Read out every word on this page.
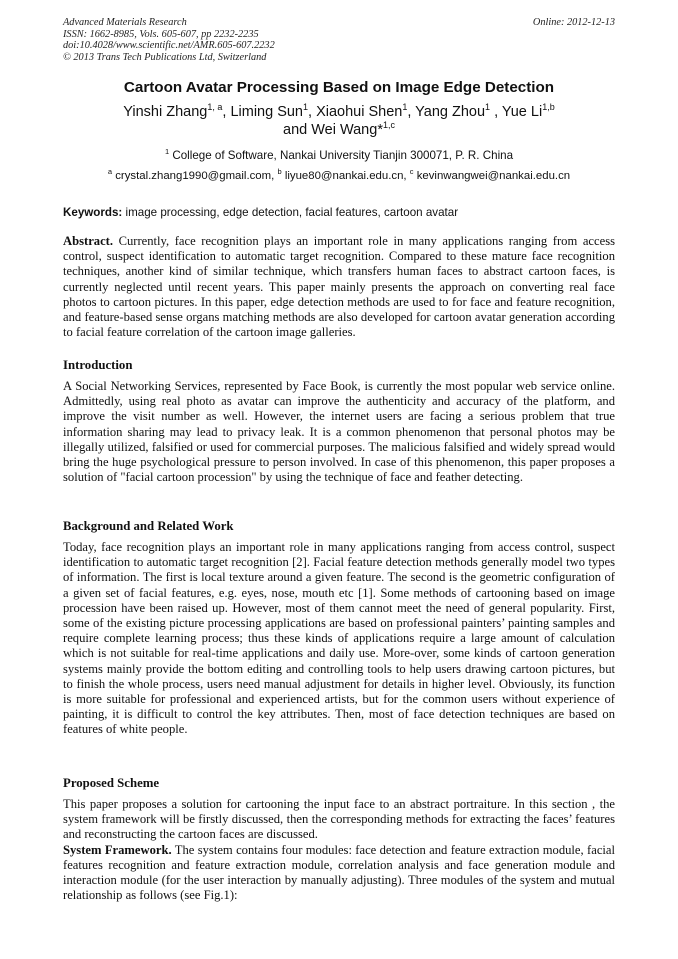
Advanced Materials Research
ISSN: 1662-8985, Vols. 605-607, pp 2232-2235
doi:10.4028/www.scientific.net/AMR.605-607.2232
© 2013 Trans Tech Publications Ltd, Switzerland
Online: 2012-12-13
Cartoon Avatar Processing Based on Image Edge Detection
Yinshi Zhang$^{1, a}$, Liming Sun$^1$, Xiaohui Shen$^1$, Yang Zhou$^1$ , Yue Li$^{1,b}$
and Wei Wang*$^{1,c}$
$^1$ College of Software, Nankai University Tianjin 300071, P. R. China
$^a$ crystal.zhang1990@gmail.com, $^b$ liyue80@nankai.edu.cn, $^c$ kevinwangwei@nankai.edu.cn
Keywords: image processing, edge detection, facial features, cartoon avatar
Abstract. Currently, face recognition plays an important role in many applications ranging from access control, suspect identification to automatic target recognition. Compared to these mature face recognition techniques, another kind of similar technique, which transfers human faces to abstract cartoon faces, is currently neglected until recent years. This paper mainly presents the approach on converting real face photos to cartoon pictures. In this paper, edge detection methods are used to for face and feature recognition, and feature-based sense organs matching methods are also developed for cartoon avatar generation according to facial feature correlation of the cartoon image galleries.
Introduction
A Social Networking Services, represented by Face Book, is currently the most popular web service online. Admittedly, using real photo as avatar can improve the authenticity and accuracy of the platform, and improve the visit number as well. However, the internet users are facing a serious problem that true information sharing may lead to privacy leak. It is a common phenomenon that personal photos may be illegally utilized, falsified or used for commercial purposes. The malicious falsified and widely spread would bring the huge psychological pressure to person involved. In case of this phenomenon, this paper proposes a solution of "facial cartoon procession" by using the technique of face and feather detecting.
Background and Related Work
Today, face recognition plays an important role in many applications ranging from access control, suspect identification to automatic target recognition [2]. Facial feature detection methods generally model two types of information. The first is local texture around a given feature. The second is the geometric configuration of a given set of facial features, e.g. eyes, nose, mouth etc [1]. Some methods of cartooning based on image procession have been raised up. However, most of them cannot meet the need of general popularity. First, some of the existing picture processing applications are based on professional painters’ painting samples and require complete learning process; thus these kinds of applications require a large amount of calculation which is not suitable for real-time applications and daily use. More-over, some kinds of cartoon generation systems mainly provide the bottom editing and controlling tools to help users drawing cartoon pictures, but to finish the whole process, users need manual adjustment for details in higher level. Obviously, its function is more suitable for professional and experienced artists, but for the common users without experience of painting, it is difficult to control the key attributes. Then, most of face detection techniques are based on features of white people.
Proposed Scheme
This paper proposes a solution for cartooning the input face to an abstract portraiture. In this section , the system framework will be firstly discussed, then the corresponding methods for extracting the faces’ features and reconstructing the cartoon faces are discussed.
System Framework. The system contains four modules: face detection and feature extraction module, facial features recognition and feature extraction module, correlation analysis and face generation module and interaction module (for the user interaction by manually adjusting). Three modules of the system and mutual relationship as follows (see Fig.1):
